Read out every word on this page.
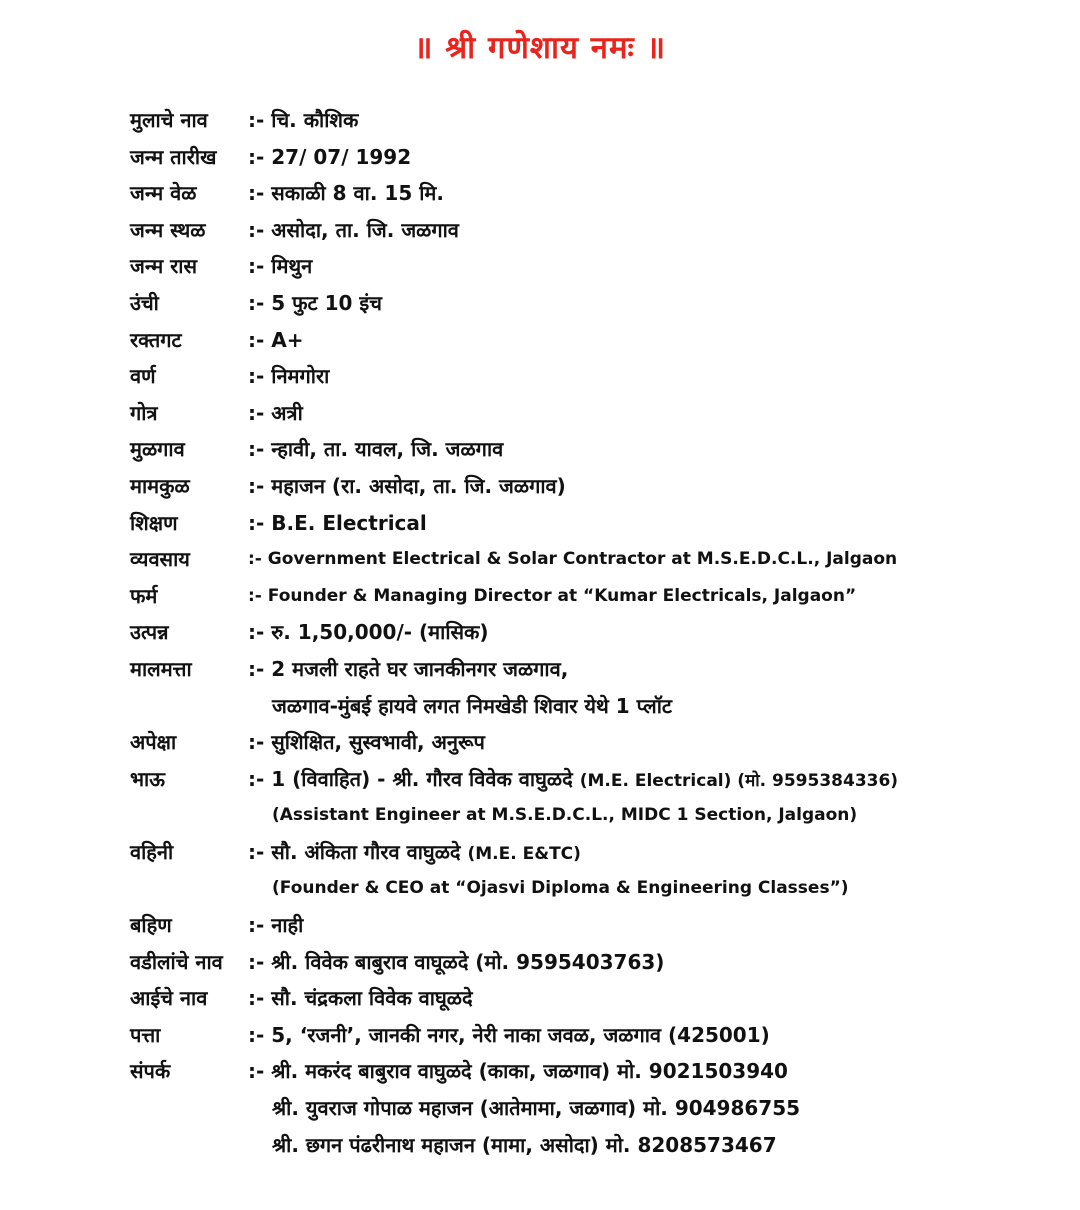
॥ श्री गणेशाय नमः ॥
मुलाचे नाव :- चि. कौशिक
जन्म तारीख :- 27/ 07/ 1992
जन्म वेळ	:- सकाळी 8 वा. 15 मि.
जन्म स्थळ :- असोदा, ता. जि. जळगाव
जन्म रास	:- मिथुन
उंची	:- 5 फुट 10 इंच
रक्तगट	:- A+
वर्ण	:- निमगोरा
गोत्र	:- अत्री
मुळगाव	:- न्हावी, ता. यावल, जि. जळगाव
मामकुळ	:- महाजन (रा. असोदा, ता. जि. जळगाव)
शिक्षण	:- B.E. Electrical
व्यवसाय	:- Government Electrical & Solar Contractor at M.S.E.D.C.L., Jalgaon
फर्म	:- Founder & Managing Director at “Kumar Electricals, Jalgaon”
उत्पन्न	:- रु. 1,50,000/- (मासिक)
मालमत्ता	:- 2 मजली राहते घर जानकीनगर जळगाव,
जळगाव-मुंबई हायवे लगत निमखेडी शिवार येथे 1 प्लॉट
अपेक्षा	:- सुशिक्षित, सुस्वभावी, अनुरूप
भाऊ	:- 1 (विवाहित) - श्री. गौरव विवेक वाघुळदे (M.E. Electrical) (मो. 9595384336)
(Assistant Engineer at M.S.E.D.C.L., MIDC 1 Section, Jalgaon)
वहिनी	:- सौ. अंकिता गौरव वाघुळदे (M.E. E&TC)
(Founder & CEO at “Ojasvi Diploma & Engineering Classes”)
बहिण	:- नाही
वडीलांचे नाव :- श्री. विवेक बाबुराव वाघूळदे (मो. 9595403763)
आईचे नाव :- सौ. चंद्रकला विवेक वाघूळदे
पत्ता	:- 5, ‘रजनी’, जानकी नगर, नेरी नाका जवळ, जळगाव (425001)
संपर्क	:- श्री. मकरंद बाबुराव वाघुळदे (काका, जळगाव) मो. 9021503940
श्री. युवराज गोपाळ महाजन (आतेमामा, जळगाव) मो. 904986755
श्री. छगन पंढरीनाथ महाजन (मामा, असोदा) मो. 8208573467
